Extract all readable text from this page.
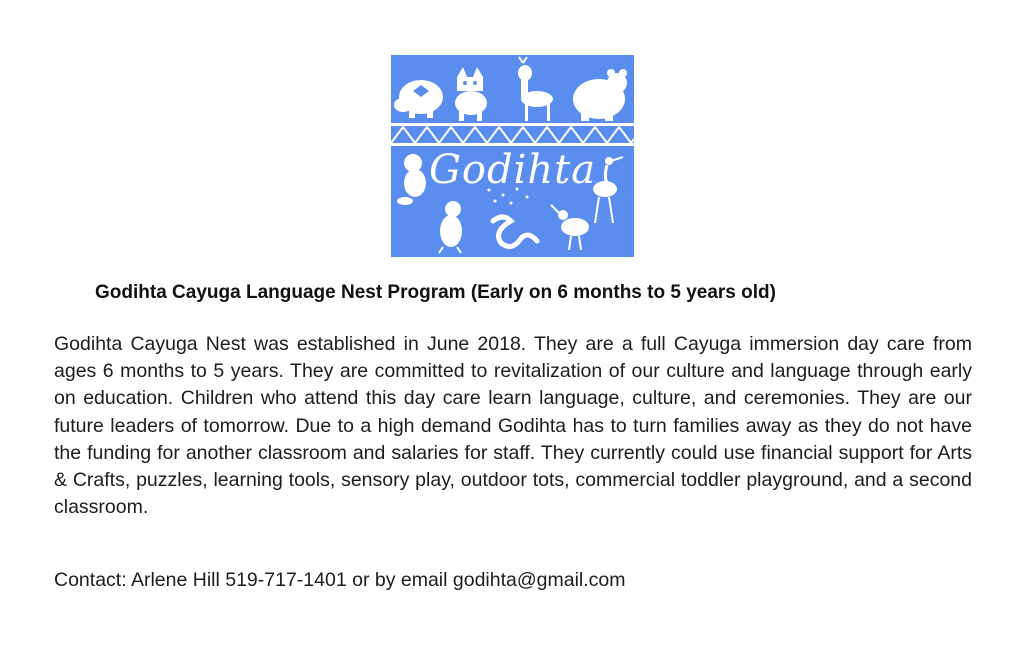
Godihta
Godihta Cayuga Language Nest Program (Early on 6 months to 5 years old)
Godihta Cayuga Nest was established in June 2018. They are a full Cayuga immersion day care from ages 6 months to 5 years. They are committed to revitalization of our culture and language through early on education. Children who attend this day care learn language, culture, and ceremonies. They are our future leaders of tomorrow. Due to a high demand Godihta has to turn families away as they do not have the funding for another classroom and salaries for staff. They currently could use financial support for Arts & Crafts, puzzles, learning tools, sensory play, outdoor tots, commercial toddler playground, and a second classroom.
Contact: Arlene Hill 519-717-1401 or by email godihta@gmail.com
